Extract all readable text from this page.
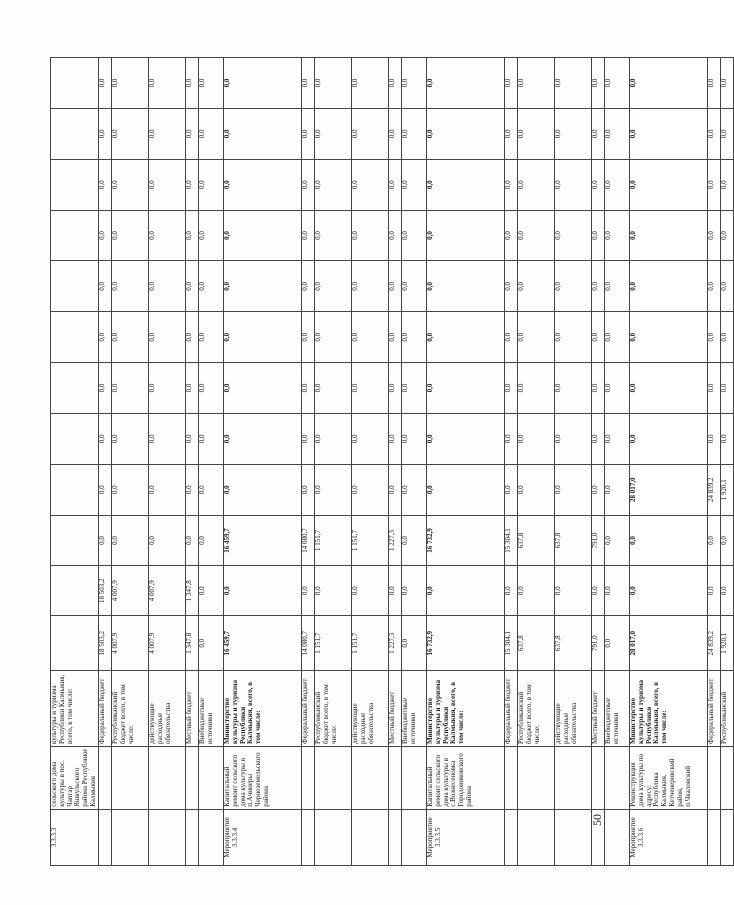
3.3.3.3	сельского дома культуры в пос. Чапгар Яшкульского района Республики Калмыкия	культуры и туризма Республики Калмыкия, всего, в том числе:												
		Федеральный бюджет	18 503,2	18 503,2	0,0	0,0	0,0	0,0	0,0	0,0	0,0	0,0	0,0	0,0
		Республиканский бюджет всего, в том числе:	4 007,9	4 007,9	0,0	0,0	0,0	0,0	0,0	0,0	0,0	0,0	0,0	0,0
		действующие расходные обязательства	4 007,9	4 007,9	0,0	0,0	0,0	0,0	0,0	0,0	0,0	0,0	0,0	0,0
		Местный бюджет	1 347,8	1 347,8	0,0	0,0	0,0	0,0	0,0	0,0	0,0	0,0	0,0	0,0
		Внебюджетные источники	0,0	0,0	0,0	0,0	0,0	0,0	0,0	0,0	0,0	0,0	0,0	0,0
Мероприятие 3.3.3.4	Капитальный ремонт сельского дома культуры в п.Ачинеры Черноземельского района	Министерство культуры и туризма Республики Калмыкия, всего, в том числе:	16 459,7	0,0	16 459,7	0,0	0,0	0,0	0,0	0,0	0,0	0,0	0,0	0,0
		Федеральный бюджет	14 080,7	0,0	14 080,7	0,0	0,0	0,0	0,0	0,0	0,0	0,0	0,0	0,0
		Республиканский бюджет всего, в том числе:	1 151,7	0,0	1 151,7	0,0	0,0	0,0	0,0	0,0	0,0	0,0	0,0	0,0
		действующие расходные обязательства	1 151,7	0,0	1 151,7	0,0	0,0	0,0	0,0	0,0	0,0	0,0	0,0	0,0
		Местный бюджет	1 227,3	0,0	1 227,3	0,0	0,0	0,0	0,0	0,0	0,0	0,0	0,0	0,0
		Внебюджетные источники	0,0	0,0	0,0	0,0	0,0	0,0	0,0	0,0	0,0	0,0	0,0	0,0
Мероприятие 3.3.3.5	Капитальный ремонт сельского дома культуры в с.Вознесеновка Городовиковского района	Министерство культуры и туризма Республики Калмыкия, всего, в том числе:	16 732,9	0,0	16 732,9	0,0	0,0	0,0	0,0	0,0	0,0	0,0	0,0	0,0
		Федеральный бюджет	15 304,1	0,0	15 304,1	0,0	0,0	0,0	0,0	0,0	0,0	0,0	0,0	0,0
		Республиканский бюджет всего, в том числе:	637,8	0,0	637,8	0,0	0,0	0,0	0,0	0,0	0,0	0,0	0,0	0,0
		действующие расходные обязательства	637,8	0,0	637,8	0,0	0,0	0,0	0,0	0,0	0,0	0,0	0,0	0,0
		Местный бюджет	791,0	0,0	791,0	0,0	0,0	0,0	0,0	0,0	0,0	0,0	0,0	0,0
		Внебюджетные источники	0,0	0,0	0,0	0,0	0,0	0,0	0,0	0,0	0,0	0,0	0,0	0,0
Мероприятие 3.3.3.6	Реконструкция дома культуры по адресу: Республика Калмыкия, Кетченеровский район, п.Чкаловский	Министерство культуры и туризма Республики Калмыкия, всего, в том числе:	28 017,0	0,0	0,0	28 017,0	0,0	0,0	0,0	0,0	0,0	0,0	0,0	0,0
		Федеральный бюджет	24 839,2	0,0	0,0	24 839,2	0,0	0,0	0,0	0,0	0,0	0,0	0,0	0,0
		Республиканский	1 920,1	0,0	0,0	1 920,1	0,0	0,0	0,0	0,0	0,0	0,0	0,0	0,0
50
